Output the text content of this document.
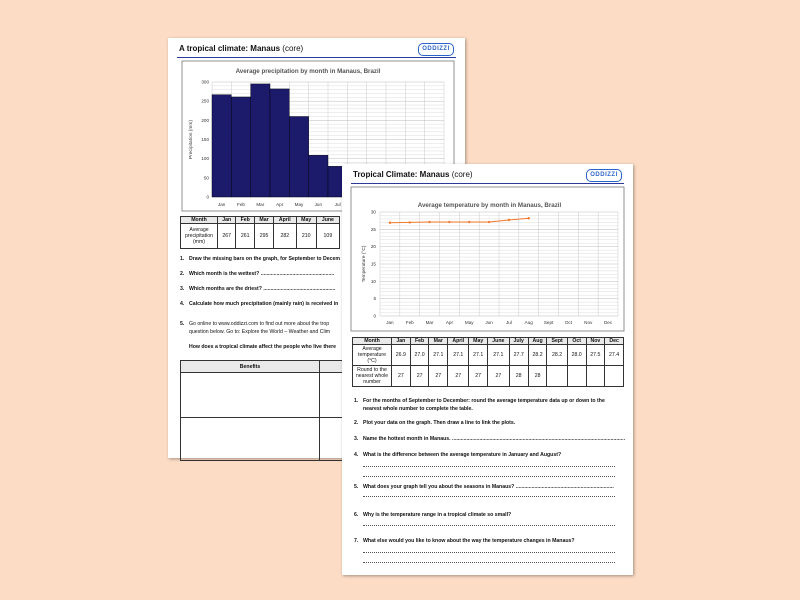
A tropical climate: Manaus (core)	ODDIZZI
Average precipitation by month in Manaus, Brazil
0
50
100
150
200
250
300
Precipitation (mm)
Jan	Feb Mar	Apr May Jun	Jul
Month	Jan	Feb	Mar	April	May	June
Average precipitation (mm)	267	261	295	282	210	109
1. Draw the missing bars on the graph, for September to Decem
2. Which month is the wettest? ...................................................
3. Which months are the driest? ..................................................
4. Calculate how much precipitation (mainly rain) is received in
5. Go online to www.oddizzi.com to find out more about the trop
question below. Go to: Explore the World – Weather and Clim
How does a tropical climate affect the people who live there
Benefits	

Tropical Climate: Manaus (core)	ODDIZZI
Average temperature by month in Manaus, Brazil
0
5
10
15
20
25
30
Temperature (°C)
Jan	Feb	Mar	Apr	May	Jun	Jul	Aug Sept	Oct	Nov	Dec
Month	Jan	Feb	Mar	April	May	June	July	Aug	Sept	Oct	Nov	Dec
Average temperature (°C)	26.9	27.0	27.1	27.1	27.1	27.1	27.7	28.2	28.2	28.0	27.5	27.4
Round to the nearest whole number	27	27	27	27	27	27	28	28				
1. For the months of September to December: round the average temperature data up or down to the
nearest whole number to complete the table.
2. Plot your data on the graph. Then draw a line to link the plots.
3. Name the hottest month in Manaus. ........................................................................................................................
4. What is the difference between the average temperature in January and August?
5. What does your graph tell you about the seasons in Manaus? ....................................................................
6. Why is the temperature range in a tropical climate so small?
7. What else would you like to know about the way the temperature changes in Manaus?
